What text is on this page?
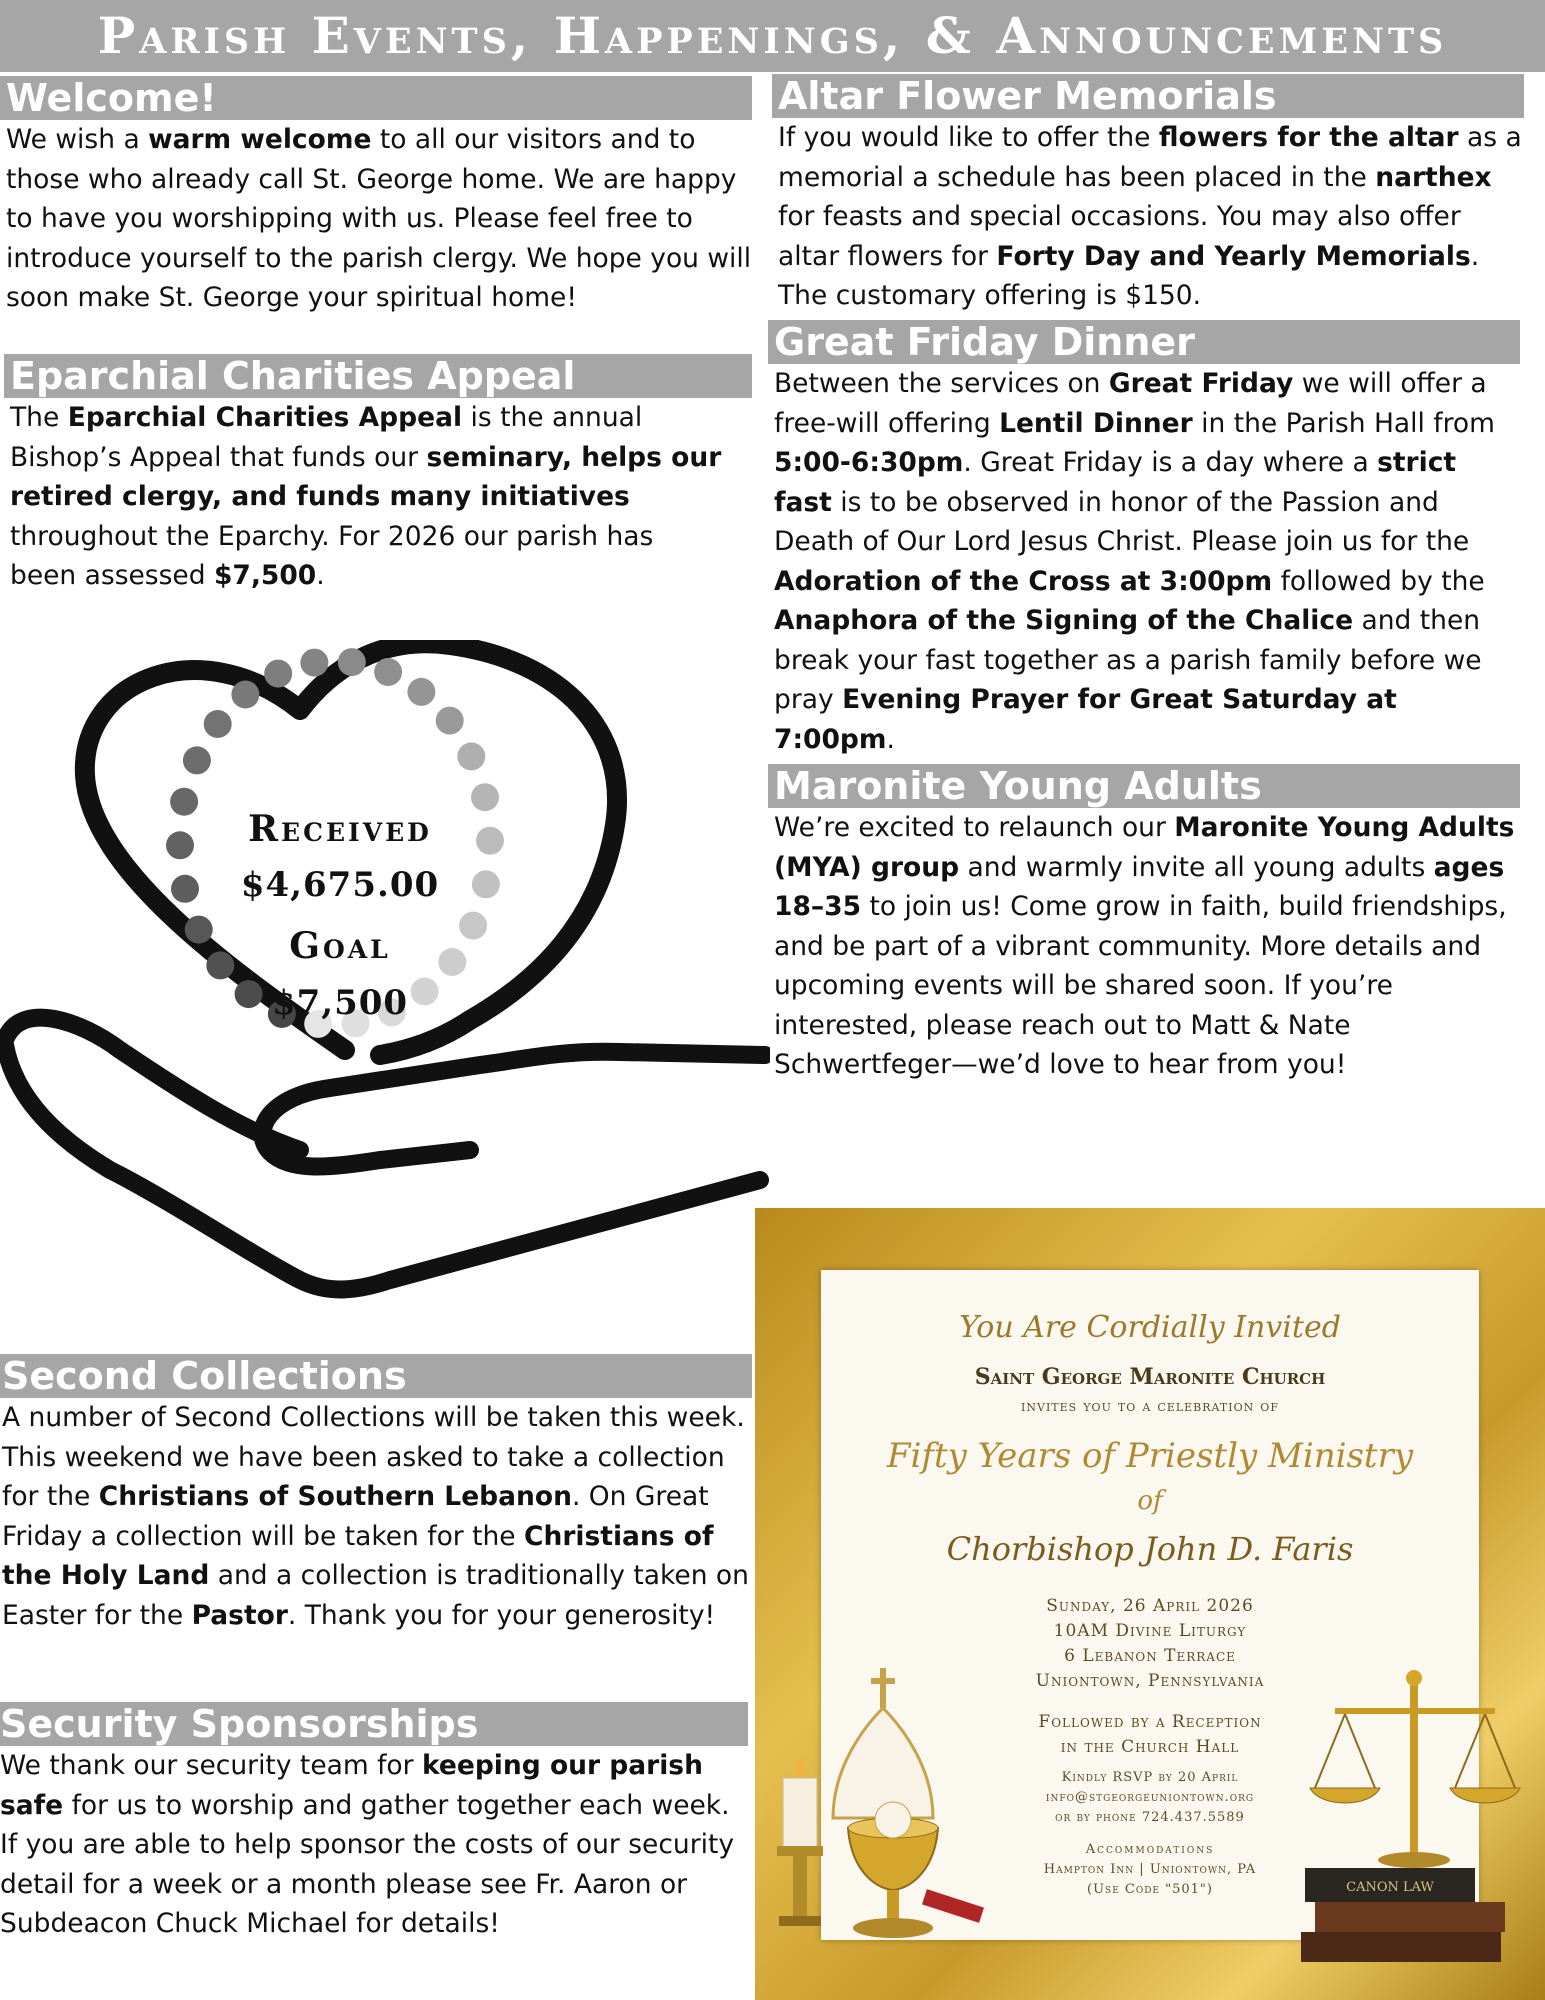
Parish Events, Happenings, & Announcements
Welcome!

We wish a warm welcome to all our visitors and to those who already call St. George home. We are happy to have you worshipping with us. Please feel free to introduce yourself to the parish clergy. We hope you will soon make St. George your spiritual home!

Eparchial Charities Appeal

The Eparchial Charities Appeal is the annual Bishop’s Appeal that funds our seminary, helps our retired clergy, and funds many initiatives throughout the Eparchy. For 2026 our parish has been assessed $7,500.

Received
$4,675.00
Goal
$7,500
Second Collections

A number of Second Collections will be taken this week. This weekend we have been asked to take a collection for the Christians of Southern Lebanon. On Great Friday a collection will be taken for the Christians of the Holy Land and a collection is traditionally taken on Easter for the Pastor. Thank you for your generosity!

Security Sponsorships

We thank our security team for keeping our parish safe for us to worship and gather together each week. If you are able to help sponsor the costs of our security detail for a week or a month please see Fr. Aaron or Subdeacon Chuck Michael for details!

Altar Flower Memorials

If you would like to offer the flowers for the altar as a memorial a schedule has been placed in the narthex for feasts and special occasions. You may also offer altar flowers for Forty Day and Yearly Memorials. The customary offering is $150.

Great Friday Dinner

Between the services on Great Friday we will offer a free-will offering Lentil Dinner in the Parish Hall from 5:00-6:30pm. Great Friday is a day where a strict fast is to be observed in honor of the Passion and Death of Our Lord Jesus Christ. Please join us for the Adoration of the Cross at 3:00pm followed by the Anaphora of the Signing of the Chalice and then break your fast together as a parish family before we pray Evening Prayer for Great Saturday at 7:00pm.

Maronite Young Adults

We’re excited to relaunch our Maronite Young Adults (MYA) group and warmly invite all young adults ages 18–35 to join us! Come grow in faith, build friendships, and be part of a vibrant community. More details and upcoming events will be shared soon. If you’re interested, please reach out to Matt & Nate Schwertfeger—we’d love to hear from you!

You Are Cordially Invited
Saint George Maronite Church
invites you to a celebration of
Fifty Years of Priestly Ministry
of
Chorbishop John D. Faris
Sunday, 26 April 2026
10AM Divine Liturgy
6 Lebanon Terrace
Uniontown, Pennsylvania
Followed by a Reception
in the Church Hall
Kindly RSVP by 20 April
info@stgeorgeuniontown.org
or by phone 724.437.5589
Accommodations
Hampton Inn | Uniontown, PA
(Use Code "501")	CANON LAW
